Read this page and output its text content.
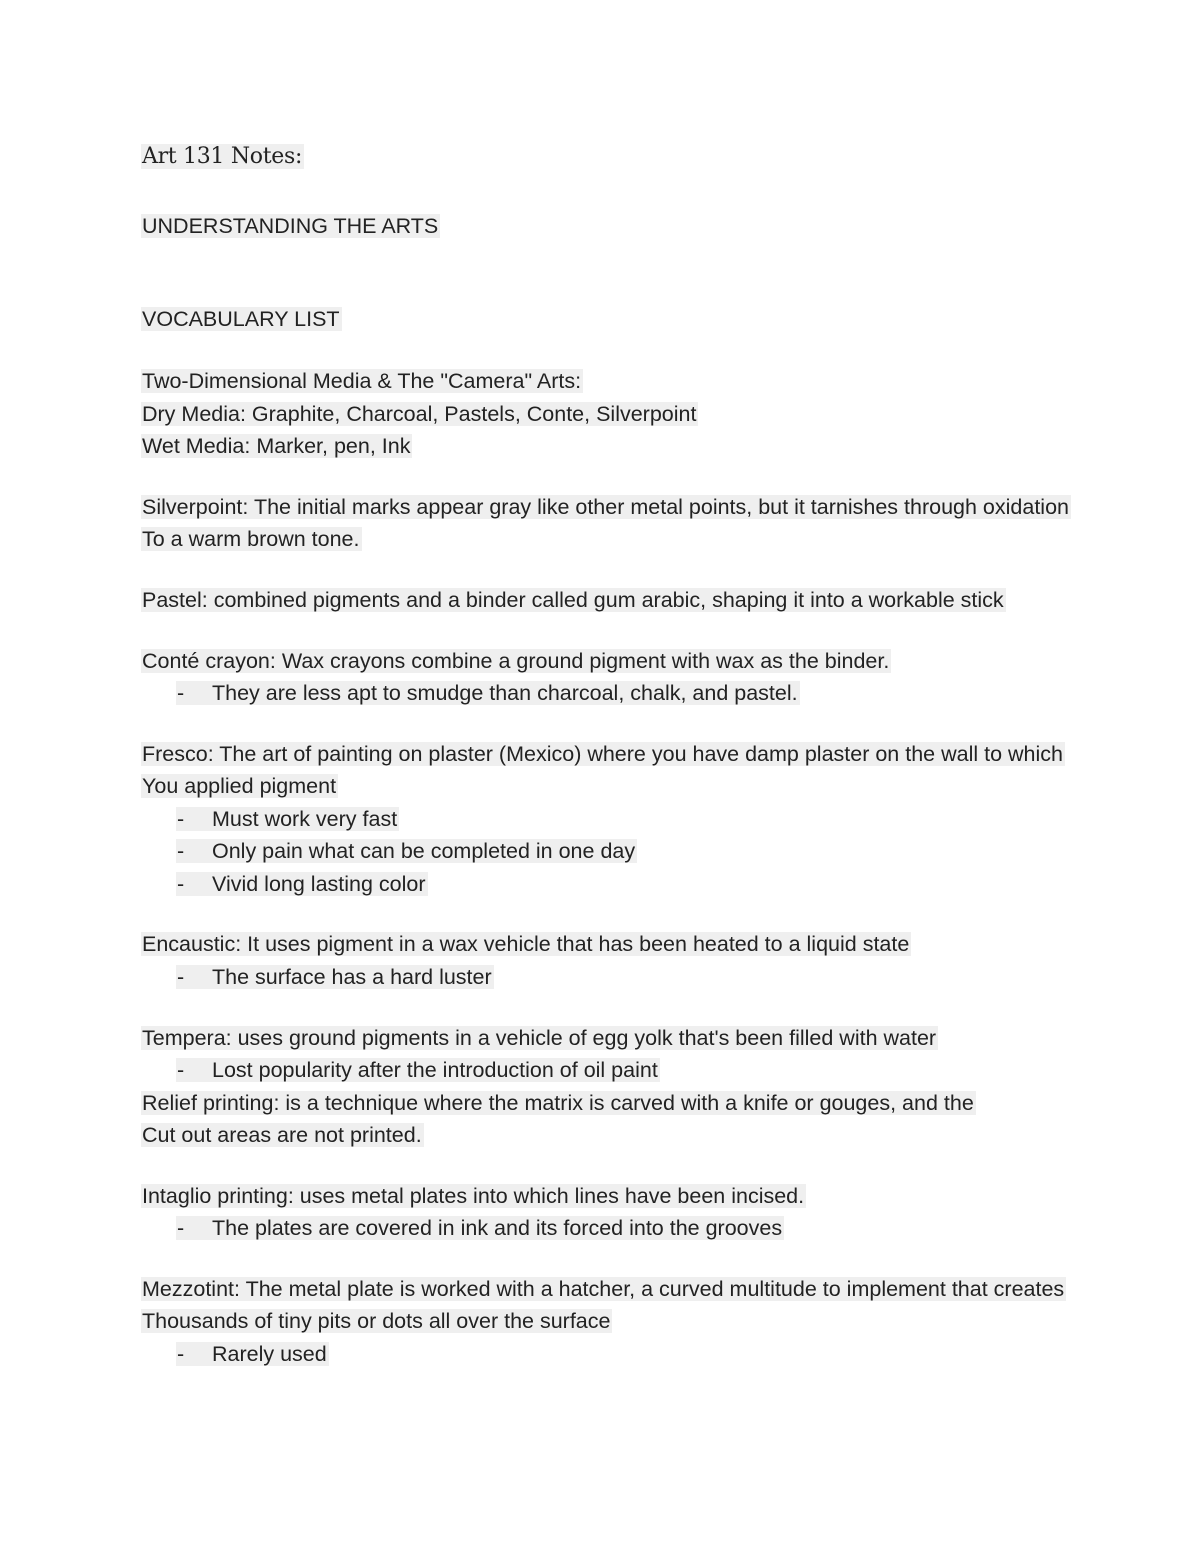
Art 131 Notes:
UNDERSTANDING THE ARTS
VOCABULARY LIST
Two-Dimensional Media & The "Camera" Arts:
Dry Media: Graphite, Charcoal, Pastels, Conte, Silverpoint
Wet Media: Marker, pen, Ink
Silverpoint: The initial marks appear gray like other metal points, but it tarnishes through oxidation
To a warm brown tone.
Pastel: combined pigments and a binder called gum arabic, shaping it into a workable stick
Conté crayon: Wax crayons combine a ground pigment with wax as the binder.
- They are less apt to smudge than charcoal, chalk, and pastel.
Fresco: The art of painting on plaster (Mexico) where you have damp plaster on the wall to which
You applied pigment
- Must work very fast
- Only pain what can be completed in one day
- Vivid long lasting color
Encaustic: It uses pigment in a wax vehicle that has been heated to a liquid state
- The surface has a hard luster
Tempera: uses ground pigments in a vehicle of egg yolk that's been filled with water
- Lost popularity after the introduction of oil paint
Relief printing: is a technique where the matrix is carved with a knife or gouges, and the
Cut out areas are not printed.
Intaglio printing: uses metal plates into which lines have been incised.
- The plates are covered in ink and its forced into the grooves
Mezzotint: The metal plate is worked with a hatcher, a curved multitude to implement that creates
Thousands of tiny pits or dots all over the surface
- Rarely used
